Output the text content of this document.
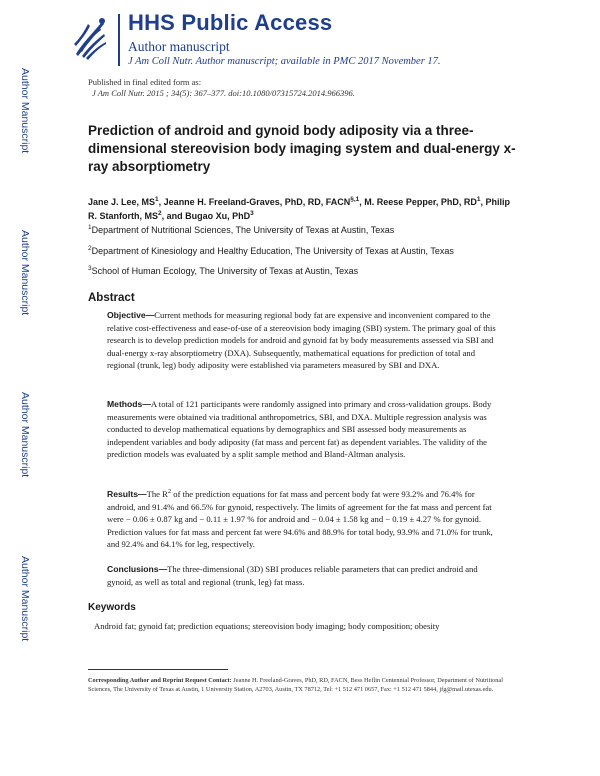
HHS Public Access
Author manuscript
J Am Coll Nutr. Author manuscript; available in PMC 2017 November 17.
Author Manuscript
Author Manuscript
Author Manuscript
Author Manuscript
Published in final edited form as:
J Am Coll Nutr. 2015 ; 34(5): 367–377. doi:10.1080/07315724.2014.966396.
Prediction of android and gynoid body adiposity via a three-dimensional stereovision body imaging system and dual-energy x-ray absorptiometry
Jane J. Lee, $MS^1$, Jeanne H. Freeland-Graves, PhD, RD, $FACN^{\S,1}$, M. Reese Pepper, PhD, $RD^1$, Philip R. Stanforth, $MS^2$, and Bugao Xu, PhD$^3$
$^1$Department of Nutritional Sciences, The University of Texas at Austin, Texas
$^2$Department of Kinesiology and Healthy Education, The University of Texas at Austin, Texas
$^3$School of Human Ecology, The University of Texas at Austin, Texas
Abstract
Objective—Current methods for measuring regional body fat are expensive and inconvenient compared to the relative cost-effectiveness and ease-of-use of a stereovision body imaging (SBI) system. The primary goal of this research is to develop prediction models for android and gynoid fat by body measurements assessed via SBI and dual-energy x-ray absorptiometry (DXA). Subsequently, mathematical equations for prediction of total and regional (trunk, leg) body adiposity were established via parameters measured by SBI and DXA.
Methods—A total of 121 participants were randomly assigned into primary and cross-validation groups. Body measurements were obtained via traditional anthropometrics, SBI, and DXA. Multiple regression analysis was conducted to develop mathematical equations by demographics and SBI assessed body measurements as independent variables and body adiposity (fat mass and percent fat) as dependent variables. The validity of the prediction models was evaluated by a split sample method and Bland-Altman analysis.
Results—The $R^2$ of the prediction equations for fat mass and percent body fat were 93.2% and 76.4% for android, and 91.4% and 66.5% for gynoid, respectively. The limits of agreement for the fat mass and percent fat were − 0.06 ± 0.87 kg and − 0.11 ± 1.97 % for android and − 0.04 ± 1.58 kg and − 0.19 ± 4.27 % for gynoid. Prediction values for fat mass and percent fat were 94.6% and 88.9% for total body, 93.9% and 71.0% for trunk, and 92.4% and 64.1% for leg, respectively.
Conclusions—The three-dimensional (3D) SBI produces reliable parameters that can predict android and gynoid, as well as total and regional (trunk, leg) fat mass.
Keywords
Android fat; gynoid fat; prediction equations; stereovision body imaging; body composition; obesity
Corresponding Author and Reprint Request Contact: Jeanne H. Freeland-Graves, PhD, RD, FACN, Bess Heflin Centennial Professor, Department of Nutritional Sciences, The University of Texas at Austin, 1 University Station, A2703, Austin, TX 78712, Tel: +1 512 471 0657, Fax: +1 512 471 5844, jfg@mail.utexas.edu.
